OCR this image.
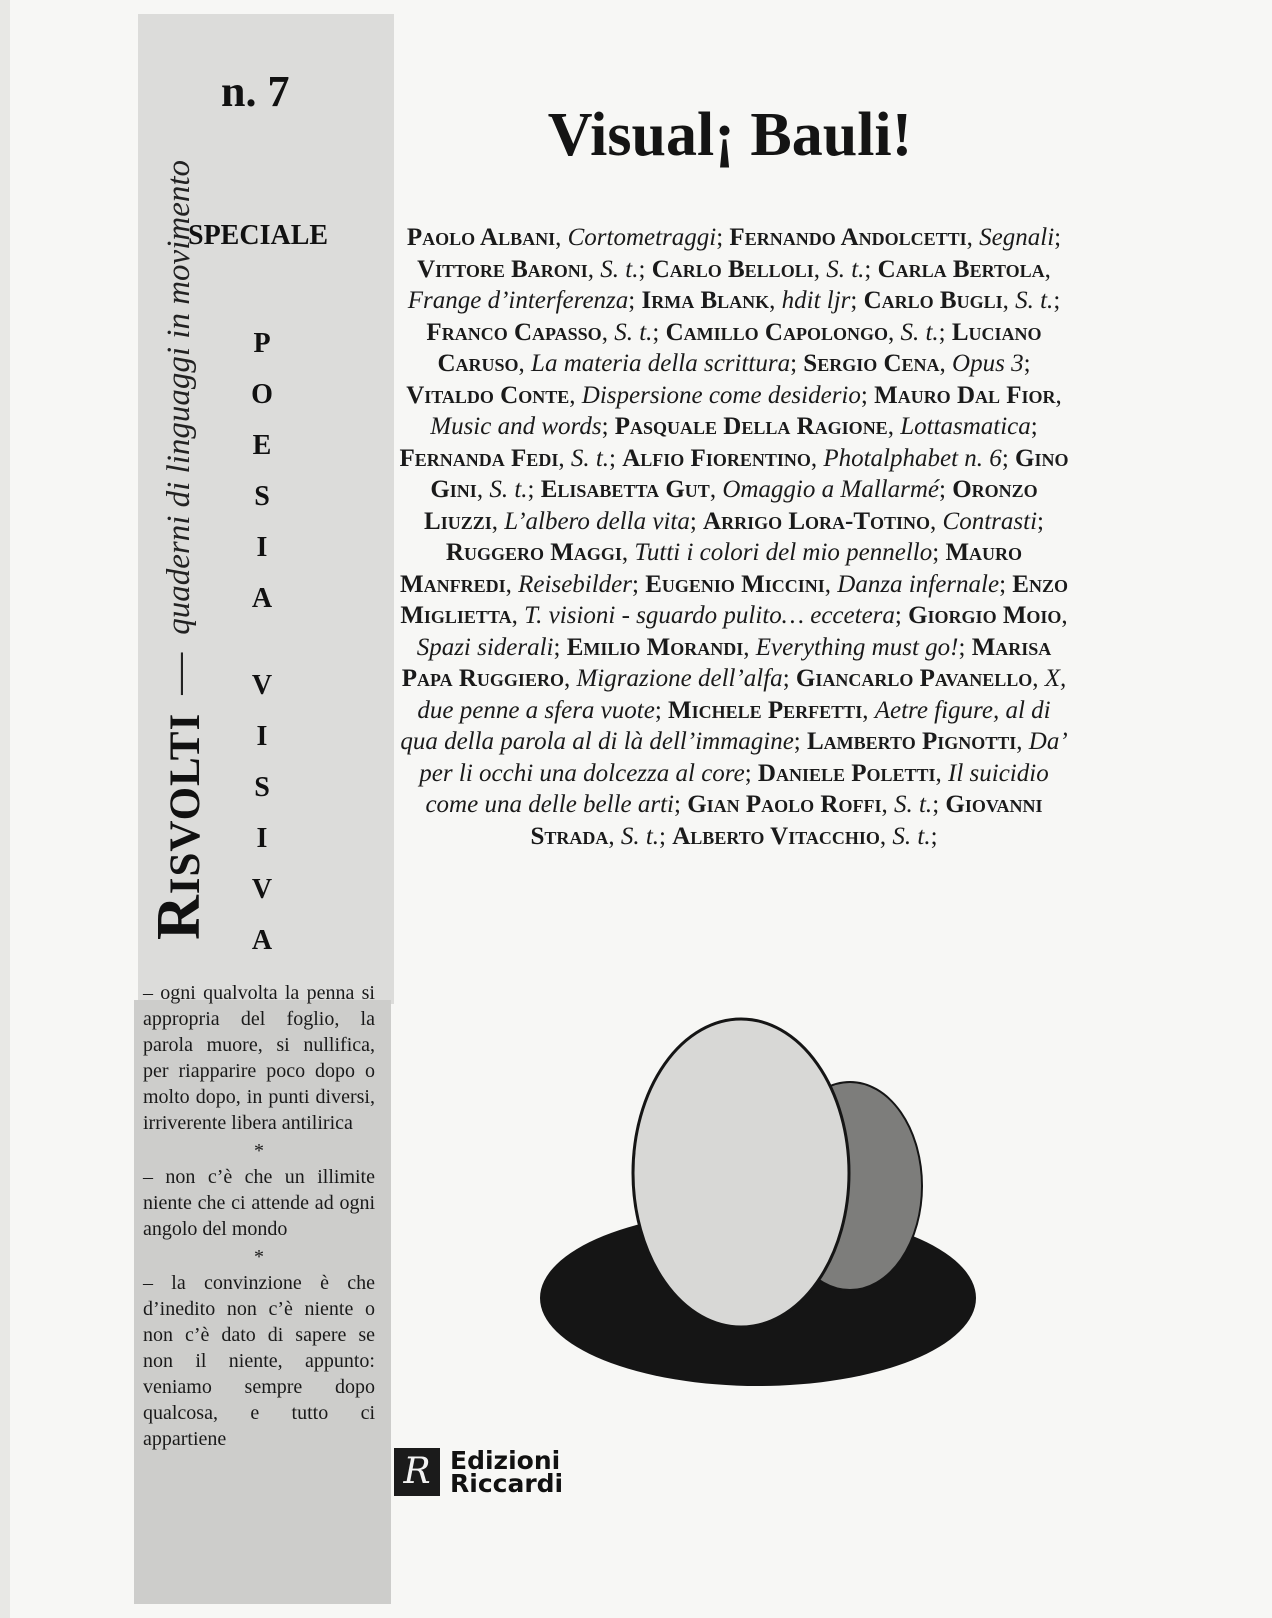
Risvolti
—
quaderni di linguaggi in movimento
n. 7
SPECIALE
P
O
E
S
I
A
V
I
S
I
V
A

– ogni qualvolta la penna si appropria del foglio, la parola muore, si nullifica, per riapparire poco dopo o molto dopo, in punti diversi, irriverente libera antilirica

*

– non c’è che un illimite niente che ci attende ad ogni angolo del mondo

*

– la convinzione è che d’inedito non c’è niente o non c’è dato di sapere se non il niente, appunto: veniamo sempre dopo qualcosa, e tutto ci appartiene

Visual¡ Bauli!

Paolo Albani, Cortometraggi; Fernando Andolcetti, Segnali; Vittore Baroni, S. t.; Carlo Belloli, S. t.; Carla Bertola, Frange d’interferenza; Irma Blank, hdit ljr; Carlo Bugli, S. t.; Franco Capasso, S. t.; Camillo Capolongo, S. t.; Luciano Caruso, La materia della scrittura; Sergio Cena, Opus 3; Vitaldo Conte, Dispersione come desiderio; Mauro Dal Fior, Music and words; Pasquale Della Ragione, Lottasmatica; Fernanda Fedi, S. t.; Alfio Fiorentino, Photalphabet n. 6; Gino Gini, S. t.; Elisabetta Gut, Omaggio a Mallarmé; Oronzo Liuzzi, L’albero della vita; Arrigo Lora-Totino, Contrasti; Ruggero Maggi, Tutti i colori del mio pennello; Mauro Manfredi, Reisebilder; Eugenio Miccini, Danza infernale; Enzo Miglietta, T. visioni - sguardo pulito… eccetera; Giorgio Moio, Spazi siderali; Emilio Morandi, Everything must go!; Marisa Papa Ruggiero, Migrazione dell’alfa; Giancarlo Pavanello, X, due penne a sfera vuote; Michele Perfetti, Aetre figure, al di qua della parola al di là dell’immagine; Lamberto Pignotti, Da’ per li occhi una dolcezza al core; Daniele Poletti, Il suicidio come una delle belle arti; Gian Paolo Roffi, S. t.; Giovanni Strada, S. t.; Alberto Vitacchio, S. t.;

R Edizioni
Riccardi
